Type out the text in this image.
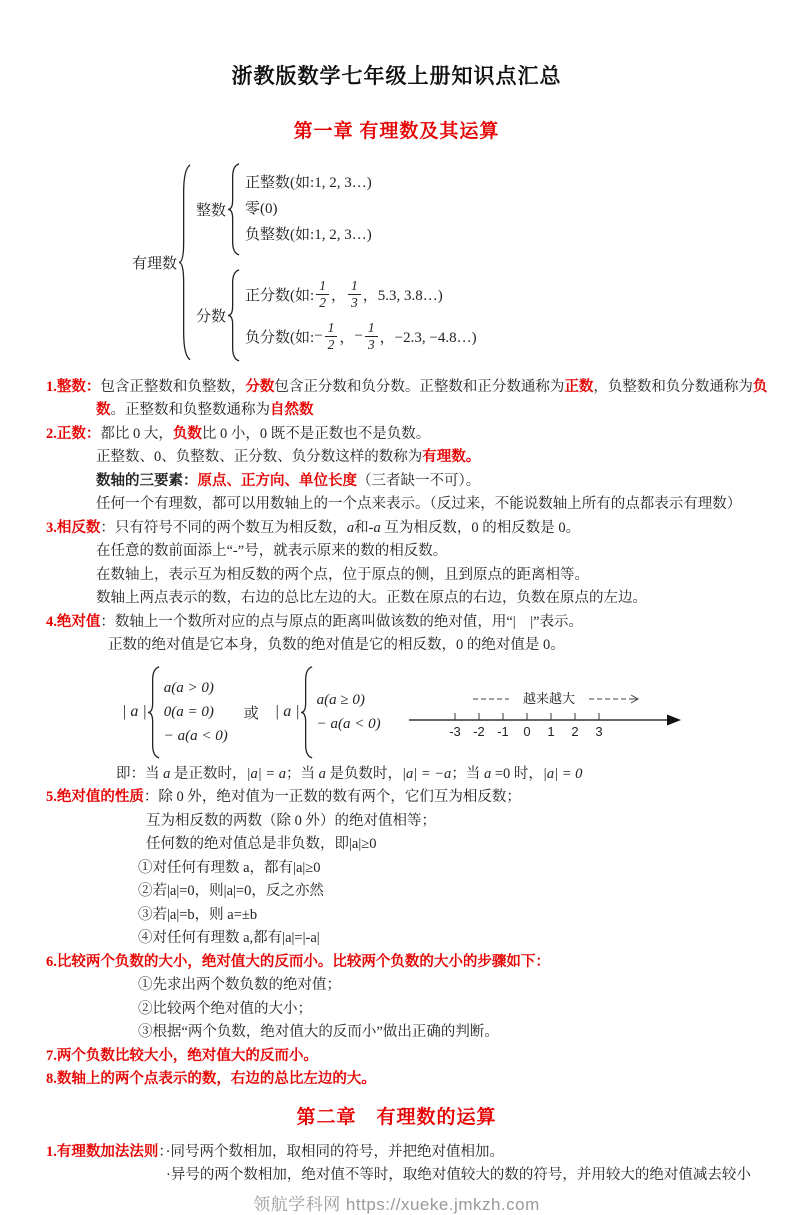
浙教版数学七年级上册知识点汇总
第一章 有理数及其运算
有理数
整数
正整数(如:1, 2, 3…)
零(0)
负整数(如:1, 2, 3…)
分数
正分数(如: $\frac{1}{2}$ ， $\frac{1}{3}$ ，5.3, 3.8…)
负分数(如: − $\frac{1}{2}$ ， − $\frac{1}{3}$ ，−2.3, −4.8…)
1.整数：包含正整数和负整数，分数包含正分数和负分数。正整数和正分数通称为正数，负整数和负分数通称为负
数。正整数和负整数通称为自然数
2.正数：都比 0 大，负数比 0 小，0 既不是正数也不是负数。
正整数、0、负整数、正分数、负分数这样的数称为有理数。
数轴的三要素：原点、正方向、单位长度（三者缺一不可）。
任何一个有理数，都可以用数轴上的一个点来表示。（反过来，不能说数轴上所有的点都表示有理数）
3.相反数：只有符号不同的两个数互为相反数，a和-a 互为相反数，0 的相反数是 0。
在任意的数前面添上“-”号，就表示原来的数的相反数。
在数轴上，表示互为相反数的两个点，位于原点的侧，且到原点的距离相等。
数轴上两点表示的数，右边的总比左边的大。正数在原点的右边，负数在原点的左边。
4.绝对值：数轴上一个数所对应的点与原点的距离叫做该数的绝对值，用“|　|”表示。
正数的绝对值是它本身，负数的绝对值是它的相反数，0 的绝对值是 0。
| a |
a(a > 0)
0(a = 0)
− a(a < 0)
或 | a |
a(a ≥ 0)
− a(a < 0)
越来越大
-3 -2 -1 0 1 2 3
即：当 a 是正数时，|a| = a；当 a 是负数时，|a| = −a；当 a =0 时，|a| = 0
5.绝对值的性质：除 0 外，绝对值为一正数的数有两个，它们互为相反数；
互为相反数的两数（除 0 外）的绝对值相等；
任何数的绝对值总是非负数，即|a|≥0
①对任何有理数 a，都有|a|≥0
②若|a|=0，则|a|=0，反之亦然
③若|a|=b，则 a=±b
④对任何有理数 a,都有|a|=|-a|
6.比较两个负数的大小，绝对值大的反而小。比较两个负数的大小的步骤如下：
①先求出两个数负数的绝对值；
②比较两个绝对值的大小；
③根据“两个负数，绝对值大的反而小”做出正确的判断。
7.两个负数比较大小，绝对值大的反而小。
8.数轴上的两个点表示的数，右边的总比左边的大。
第二章　有理数的运算
1.有理数加法法则：·同号两个数相加，取相同的符号，并把绝对值相加。
·异号的两个数相加，绝对值不等时，取绝对值较大的数的符号，并用较大的绝对值减去较小
领航学科网 https://xueke.jmkzh.com
